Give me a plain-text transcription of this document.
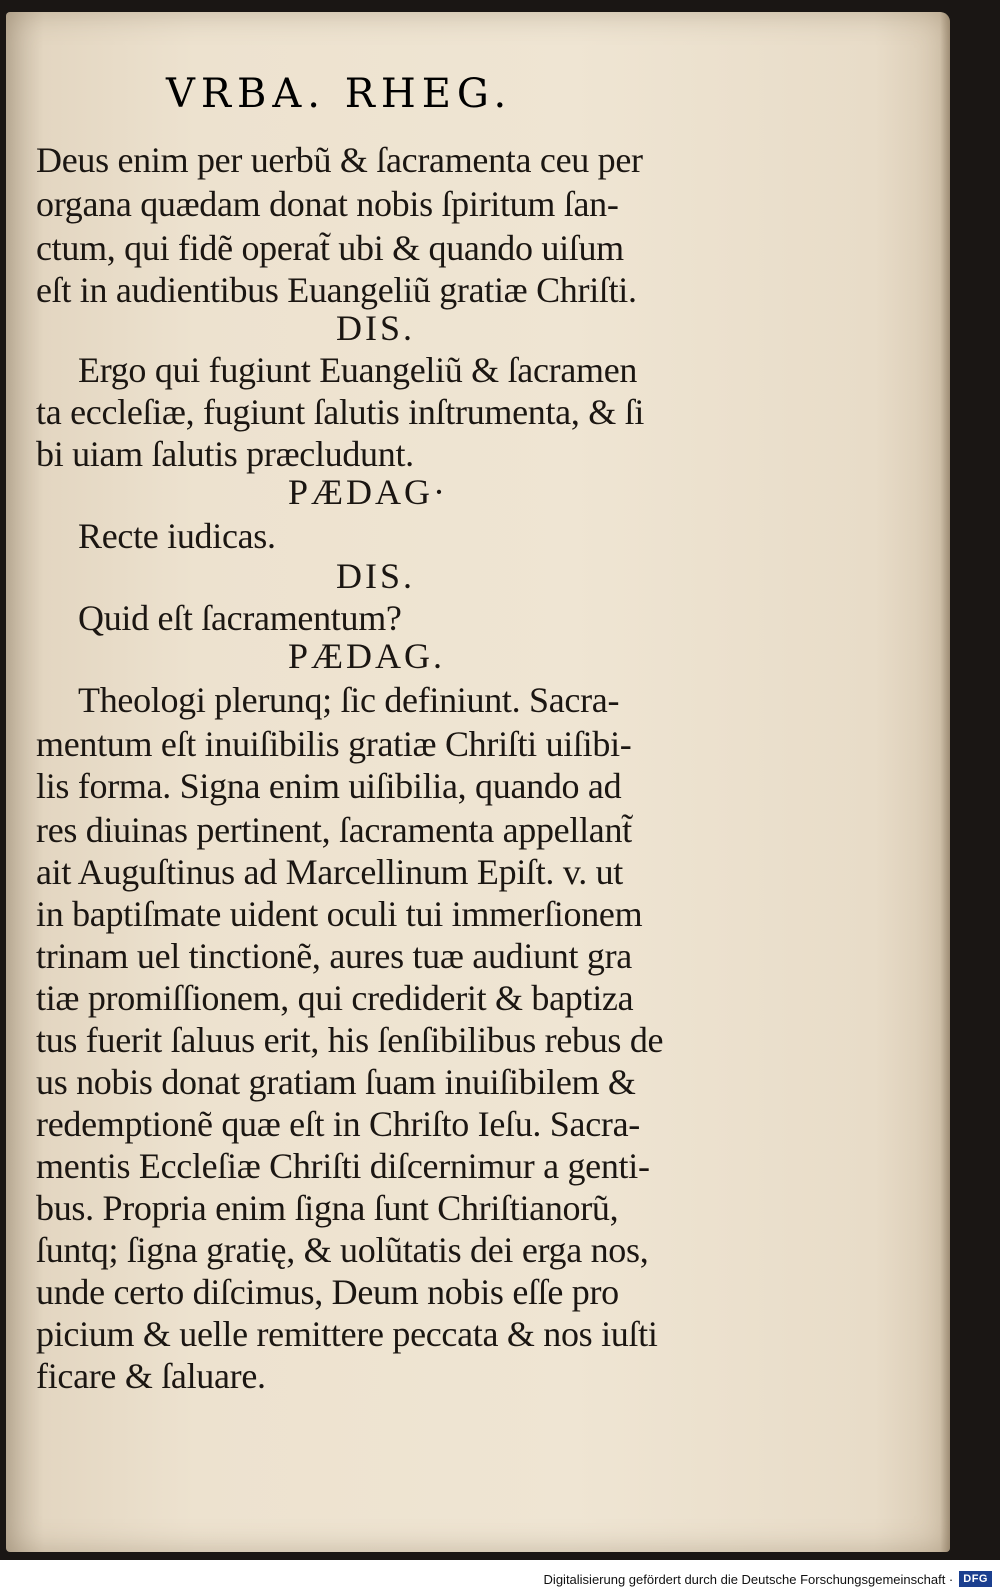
VRBA. RHEG.
Deus enim per uerbũ & ſacramenta ceu per
organa quædam donat nobis ſpiritum ſan-
ctum, qui fidẽ operat̃ ubi & quando uiſum
eſt in audientibus Euangeliũ gratiæ Chriſti.
DIS.
Ergo qui fugiunt Euangeliũ & ſacramen
ta eccleſiæ, fugiunt ſalutis inſtrumenta, & ſi
bi uiam ſalutis præcludunt.
PÆDAG·
Recte iudicas.
DIS.
Quid eſt ſacramentum?
PÆDAG.
Theologi plerunq; ſic definiunt. Sacra-
mentum eſt inuiſibilis gratiæ Chriſti uiſibi-
lis forma. Signa enim uiſibilia, quando ad
res diuinas pertinent, ſacramenta appellant̃
ait Auguſtinus ad Marcellinum Epiſt. v. ut
in baptiſmate uident oculi tui immerſionem
trinam uel tinctionẽ, aures tuæ audiunt gra
tiæ promiſſionem, qui crediderit & baptiza
tus fuerit ſaluus erit, his ſenſibilibus rebus de
us nobis donat gratiam ſuam inuiſibilem &
redemptionẽ quæ eſt in Chriſto Ieſu. Sacra-
mentis Eccleſiæ Chriſti diſcernimur a genti-
bus. Propria enim ſigna ſunt Chriſtianorũ,
ſuntq; ſigna gratię, & uolũtatis dei erga nos,
unde certo diſcimus, Deum nobis eſſe pro
picium & uelle remittere peccata & nos iuſti
ficare & ſaluare.
Digitalisierung gefördert durch die Deutsche Forschungsgemeinschaft · DFG
